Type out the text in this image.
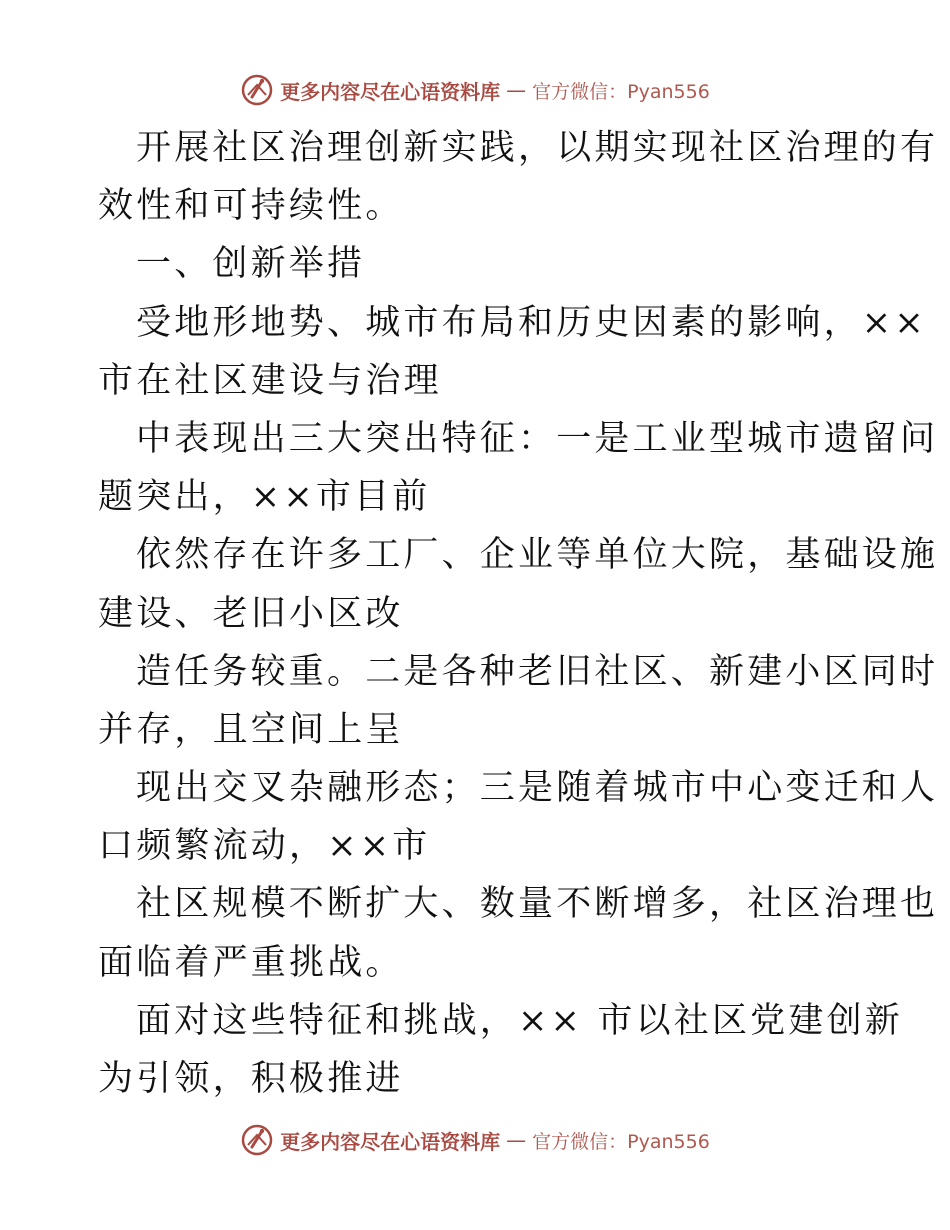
更多内容尽在心语资料库 — 官方微信：Pyan556
开展社区治理创新实践，以期实现社区治理的有
效性和可持续性。
一、创新举措
受地形地势、城市布局和历史因素的影响，××
市在社区建设与治理
中表现出三大突出特征：一是工业型城市遗留问
题突出，××市目前
依然存在许多工厂、企业等单位大院，基础设施
建设、老旧小区改
造任务较重。二是各种老旧社区、新建小区同时
并存，且空间上呈
现出交叉杂融形态；三是随着城市中心变迁和人
口频繁流动，××市
社区规模不断扩大、数量不断增多，社区治理也
面临着严重挑战。
面对这些特征和挑战，×× 市以社区党建创新
为引领，积极推进
更多内容尽在心语资料库 — 官方微信：Pyan556
